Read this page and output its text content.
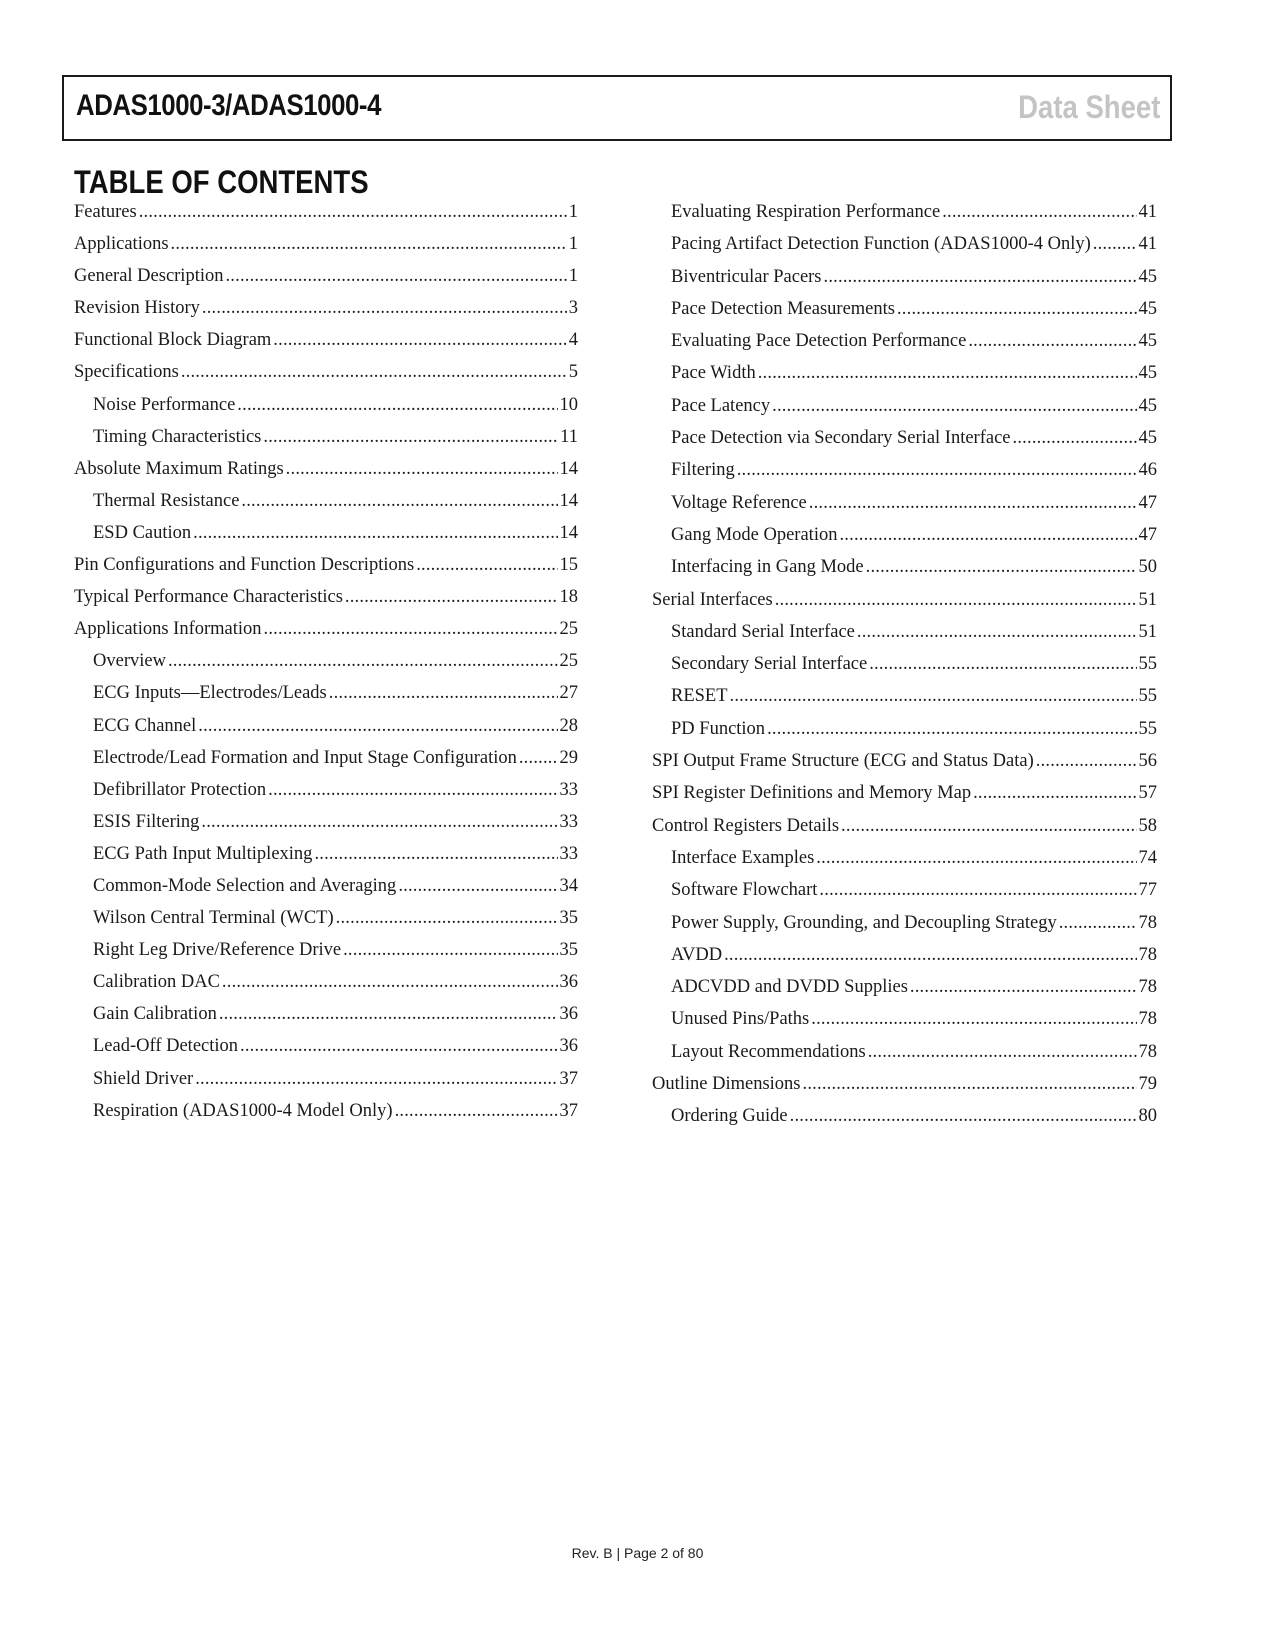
ADAS1000-3/ADAS1000-4	Data Sheet
TABLE OF CONTENTS
Features .....	1
Applications .....	1
General Description .....	1
Revision History .....	3
Functional Block Diagram .....	4
Specifications .....	5
Noise Performance .....	10
Timing Characteristics .....	11
Absolute Maximum Ratings .....	14
Thermal Resistance .....	14
ESD Caution .....	14
Pin Configurations and Function Descriptions .....	15
Typical Performance Characteristics .....	18
Applications Information .....	25
Overview .....	25
ECG Inputs—Electrodes/Leads .....	27
ECG Channel .....	28
Electrode/Lead Formation and Input Stage Configuration ..... 29
Defibrillator Protection .....	33
ESIS Filtering .....	33
ECG Path Input Multiplexing .....	33
Common-Mode Selection and Averaging .....	34
Wilson Central Terminal (WCT) .....	35
Right Leg Drive/Reference Drive .....	35
Calibration DAC .....	36
Gain Calibration .....	36
Lead-Off Detection .....	36
Shield Driver .....	37
Respiration (ADAS1000-4 Model Only) .....	37
Evaluating Respiration Performance .....	41
Pacing Artifact Detection Function (ADAS1000-4 Only) .....	41
Biventricular Pacers .....	45
Pace Detection Measurements .....	45
Evaluating Pace Detection Performance .....	45
Pace Width .....	45
Pace Latency .....	45
Pace Detection via Secondary Serial Interface .....	45
Filtering .....	46
Voltage Reference .....	47
Gang Mode Operation .....	47
Interfacing in Gang Mode .....	50
Serial Interfaces .....	51
Standard Serial Interface .....	51
Secondary Serial Interface .....	55
RESET .....	55
$\overline{PD}$ Function .....	55
SPI Output Frame Structure (ECG and Status Data) .....	56
SPI Register Definitions and Memory Map .....	57
Control Registers Details .....	58
Interface Examples .....	74
Software Flowchart .....	77
Power Supply, Grounding, and Decoupling Strategy .....	78
AVDD .....	78
ADCVDD and DVDD Supplies .....	78
Unused Pins/Paths .....	78
Layout Recommendations .....	78
Outline Dimensions .....	79
Ordering Guide .....	80
Rev. B | Page 2 of 80
